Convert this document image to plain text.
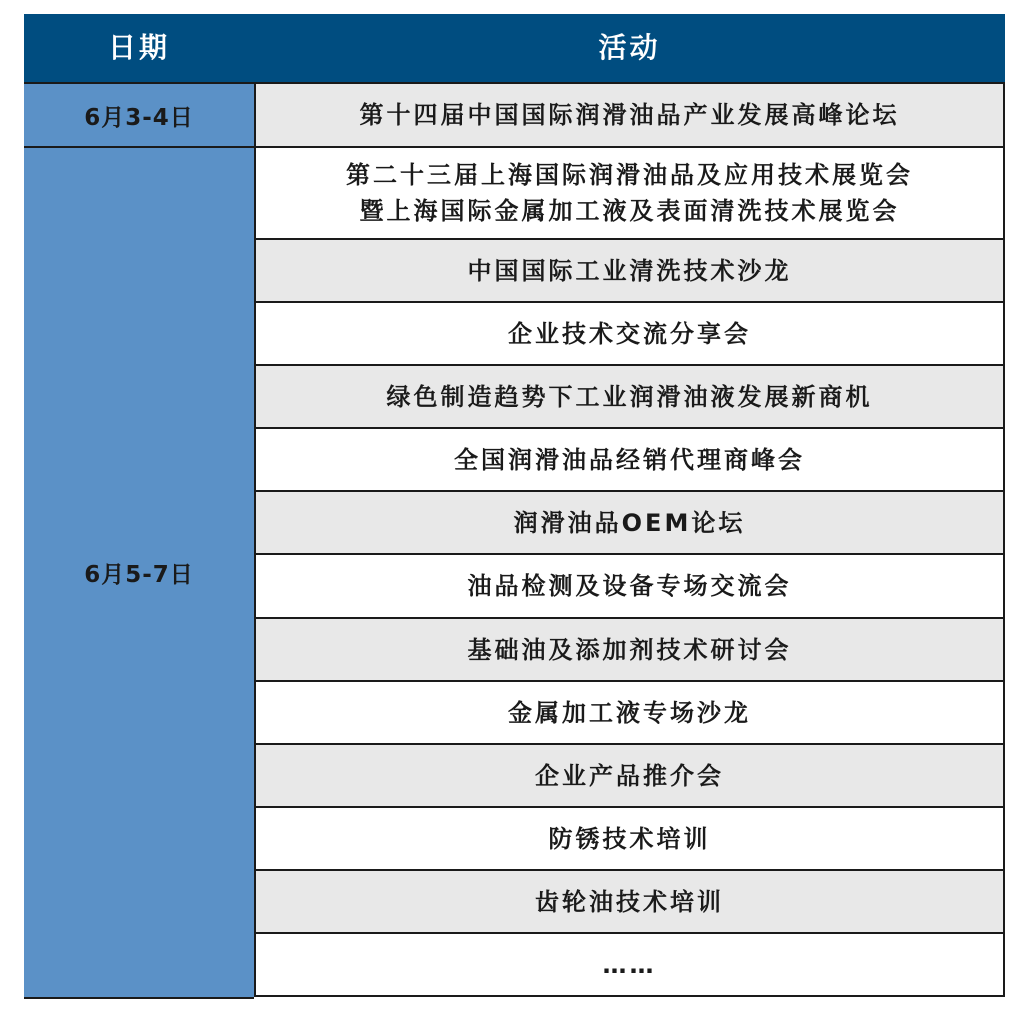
日期	活动
6月3-4日
6月5-7日
第十四届中国国际润滑油品产业发展高峰论坛
第二十三届上海国际润滑油品及应用技术展览会
暨上海国际金属加工液及表面清洗技术展览会
中国国际工业清洗技术沙龙
企业技术交流分享会
绿色制造趋势下工业润滑油液发展新商机
全国润滑油品经销代理商峰会
润滑油品OEM论坛
油品检测及设备专场交流会
基础油及添加剂技术研讨会
金属加工液专场沙龙
企业产品推介会
防锈技术培训
齿轮油技术培训
……
